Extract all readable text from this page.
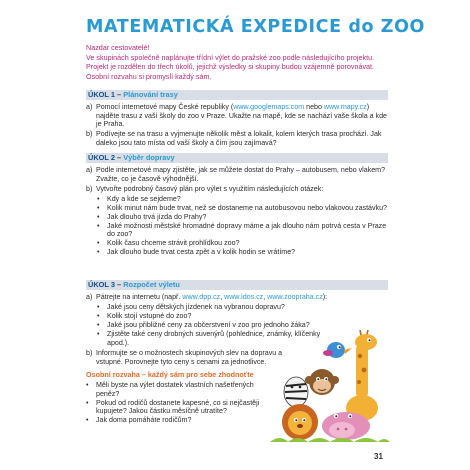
MATEMATICKÁ EXPEDICE do ZOO

Nazdar cestovatelé!

Ve skupinách společně naplánujte třídní výlet do pražské zoo podle následujícího projektu. Projekt je rozdělen do třech úkolů, jejichž výsledky si skupiny budou vzájemně porovnávat. Osobní rozvahu si promyslí každý sám.

ÚKOL 1 – Plánování trasy
a) Pomocí internetové mapy České republiky (www.googlemaps.com nebo www.mapy.cz) najděte trasu z vaší školy do zoo v Praze. Ukažte na mapě, kde se nachází vaše škola a kde je Praha.
b) Podívejte se na trasu a vyjmenujte několik měst a lokalit, kolem kterých trasa prochází. Jak daleko jsou tato místa od vaší školy a čím jsou zajímavá?
ÚKOL 2 – Výběr dopravy
a) Podle internetové mapy zjistěte, jak se můžete dostat do Prahy – autobusem, nebo vlakem? Zvažte, co je časově výhodnější.
b) Vytvořte podrobný časový plán pro výlet s využitím následujících otázek:
• Kdy a kde se sejdeme?
• Kolik minut nám bude trvat, než se dostaneme na autobusovou nebo vlakovou zastávku?
• Jak dlouho trvá jízda do Prahy?
• Jaké možnosti městské hromadné dopravy máme a jak dlouho nám potrvá cesta v Praze do zoo?
• Kolik času chceme strávit prohlídkou zoo?
• Jak dlouho bude trvat cesta zpět a v kolik hodin se vrátíme?
ÚKOL 3 – Rozpočet výletu
a) Pátrejte na internetu (např. www.dpp.cz, www.idos.cz, www.zoopraha.cz):
• Jaké jsou ceny dětských jízdenek na vybranou dopravu?
• Kolik stojí vstupné do zoo?
• Jaké jsou přibližné ceny za občerstvení v zoo pro jednoho žáka?
• Zjistěte také ceny drobných suvenýrů (pohlednice, známky, klíčenky apod.).
b) Informujte se o možnostech skupinových slev na dopravu a vstupné. Porovnejte tyto ceny s cenami za jednotlivce.
Osobní rozvaha – každý sám pro sebe zhodnoťte
• Měli byste na výlet dostatek vlastních našetřených peněz?
• Pokud od rodičů dostanete kapesné, co si nejčastěji kupujete? Jakou částku měsíčně utratíte?
• Jak doma pomáháte rodičům?
31
